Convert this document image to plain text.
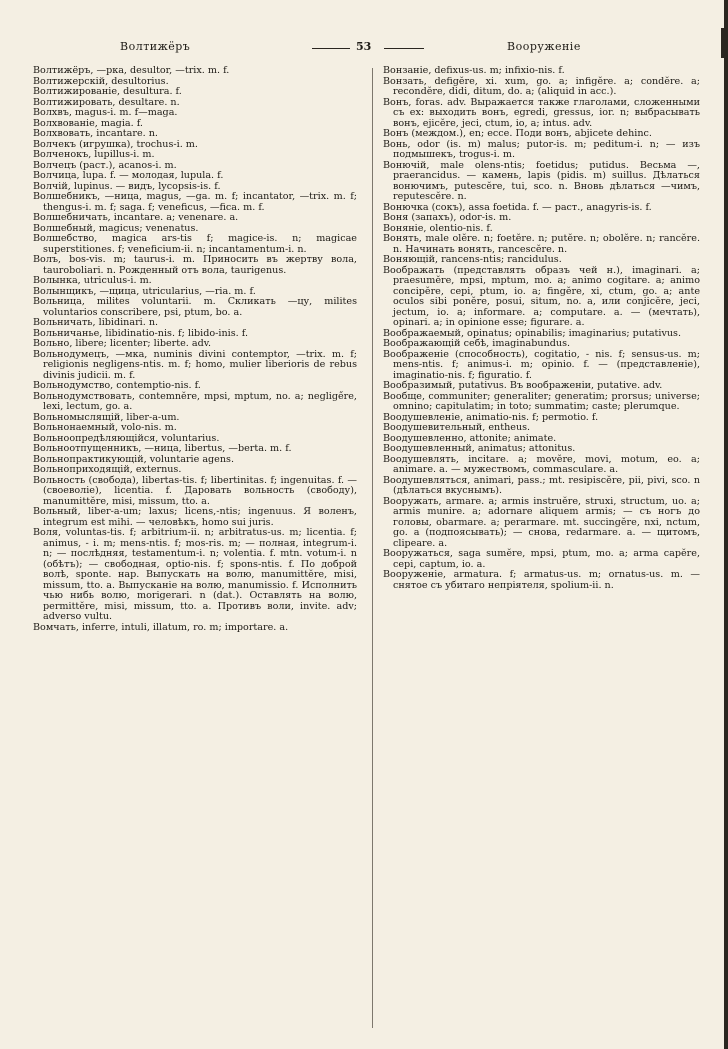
Волтижёръ	53	Вооруженіе

Волтижёръ, —рка, desultor, —trix. m. f.

Волтижерскій, desultorius.

Волтижированіе, desultura. f.

Волтижировать, desultare. n.

Волхвъ, magus-i. m. f—maga.

Волхвованіе, magia. f.

Волхвовать, incantare. n.

Волчекъ (игрушка), trochus-i. m.

Волченокъ, lupillus-i. m.

Волчецъ (раст.), acanos-i. m.

Волчица, lupa. f. — молодая, lupula. f.

Волчій, lupinus. — видъ, lycopsis-is. f.

Волшебникъ, —ница, magus, —ga. m. f; incantator, —trix. m. f; thengus-i. m. f; saga. f; veneficus, —fica. m. f.

Волшебничать, incantare. a; venenare. a.

Волшебный, magicus; venenatus.

Волшебство, magica ars-tis f; magice-is. n; magicae superstitiones. f; veneficium-ii. n; incantamentum-i. n.

Волъ, bos-vis. m; taurus-i. m. Приносить въ жертву вола, tauroboliari. n. Рожденный отъ вола, taurigenus.

Волынка, utriculus-i. m.

Волынщикъ, —щица, utricularius, —ria. m. f.

Вольница, milites voluntarii. m. Скликать —цу, milites voluntarios conscribere, psi, ptum, bo. a.

Вольничать, libidinari. n.

Вольничанье, libidinatio-nis. f; libido-inis. f.

Вольно, libere; licenter; liberte. adv.

Вольнодумецъ, —мка, numinis divini contemptor, —trix. m. f; religionis negligens-ntis. m. f; homo, mulier liberioris de rebus divinis judicii. m. f.

Вольнодумство, contemptio-nis. f.

Вольнодумствовать, contemnĕre, mpsi, mptum, no. a; neglige̋re, lexi, lectum, go. a.

Вольномыслящій, liber-a-um.

Вольнонаемный, volo-nis. m.

Вольноопредѣляющійся, voluntarius.

Вольноотпущенникъ, —ница, libertus, —berta. m. f.

Вольнопрактикующій, voluntarie agens.

Вольноприходящій, externus.

Вольность (свобода), libertas-tis. f; libertinitas. f; ingenuitas. f. — (своеволіе), licentia. f. Даровать вольность (свободу), manumittĕre, misi, missum, tto. a.

Вольный, liber-a-um; laxus; licens,-ntis; ingenuus. Я воленъ, integrum est mihi. — человѣкъ, homo sui juris.

Воля, voluntas-tis. f; arbitrium-ii. n; arbitratus-us. m; licentia. f; animus, - i. m; mens-ntis. f; mos-ris. m; — полная, integrum-i. n; — послѣдняя, testamentum-i. n; volentia. f. mtn. votum-i. n (обѣтъ); — свободная, optio-nis. f; spons-ntis. f. По доброй волѣ, sponte. нар. Выпускать на волю, manumittĕre, misi, missum, tto. a. Выпусканіе на волю, manumissio. f. Исполнить чью нибь волю, morigerari. n (dat.). Оставлять на волю, permittĕre, misi, missum, tto. a. Противъ воли, invite. adv; adverso vultu.

Вомчать, inferre, intuli, illatum, ro. m; importare. a.

Вонзаніе, defixus-us. m; infixio-nis. f.

Вонзать, defigĕre, xi. xum, go. a; infigĕre. a; condĕre. a; recondĕre, didi, ditum, do. a; (aliquid in acc.).

Вонъ, foras. adv. Выражается также глаголами, сложенными съ ex: выходить вонъ, egredi, gressus, ior. n; выбрасывать вонъ, ejicĕre, jeci, ctum, io, a; intus. adv.

Вонъ (междом.), en; ecce. Поди вонъ, abjicete dehinc.

Вонь, odor (is. m) malus; putor-is. m; peditum-i. n; — изъ подмышекъ, trogus-i. m.

Вонючій, male olens-ntis; foetidus; putidus. Весьма —, praerancidus. — камень, lapis (pidis. m) suillus. Дѣлаться вонючимъ, putescĕre, tui, sco. n. Вновь дѣлаться —чимъ, reputescĕre. n.

Вонючка (сокъ), assa foetida. f. — раст., anagyris-is. f.

Воня (запахъ), odor-is. m.

Вонянie, olentio-nis. f.

Вонять, male olĕre. n; foetĕre. n; putĕre. n; obolĕre. n; rancĕre. n. Начинать вонять, rancescĕre. n.

Воняющій, rancens-ntis; rancidulus.

Воображать (представлять образъ чей н.), imaginari. a; praesumĕre, mpsi, mptum, mo. a; animo cogitare. a; animo concipĕre, cepi, ptum, io. a; fingĕre, xi, ctum, go. a; ante oculos sibi ponĕre, posui, situm, no. a, или conjicĕre, jeci, jectum, io. a; informare. a; computare. a. — (мечтать), opinari. a; in opinione esse; figurare. a.

Воображаемый, opinatus; opinabilis; imaginarius; putativus.

Воображающій себѣ, imaginabundus.

Воображеніе (способность), cogitatio, - nis. f; sensus-us. m; mens-ntis. f; animus-i. m; opinio. f. — (представленіе), imaginatio-nis. f; figuratio. f.

Вообразимый, putativus. Въ воображеніи, putative. adv.

Вообще, communiter; generaliter; generatim; prorsus; universe; omnino; capitulatim; in toto; summatim; caste; plerumque.

Воодушевленіе, animatio-nis. f; permotio. f.

Воодушевительный, entheus.

Воодушевленно, attonite; animate.

Воодушевленный, animatus; attonitus.

Воодушевлять, incitare. a; movĕre, movi, motum, eo. a; animare. a. — мужествомъ, commasculare. a.

Воодушевляться, animari, pass.; mt. resipiscĕre, pii, pivi, sco. n (дѣлаться вкуснымъ).

Вооружать, armare. a; armis instruĕre, struxi, structum, uo. a; armis munire. a; adornare aliquem armis; — съ ногъ до головы, obarmare. a; perarmare. mt. succingĕre, nxi, nctum, go. a (подпоясывать); — снова, redarmare. a. — щитомъ, clipeare. a.

Вооружаться, saga sumĕre, mpsi, ptum, mo. a; arma capĕre, cepi, captum, io. a.

Вооруженіе, armatura. f; armatus-us. m; ornatus-us. m. — снятое съ убитаго непріятеля, spolium-ii. n.
